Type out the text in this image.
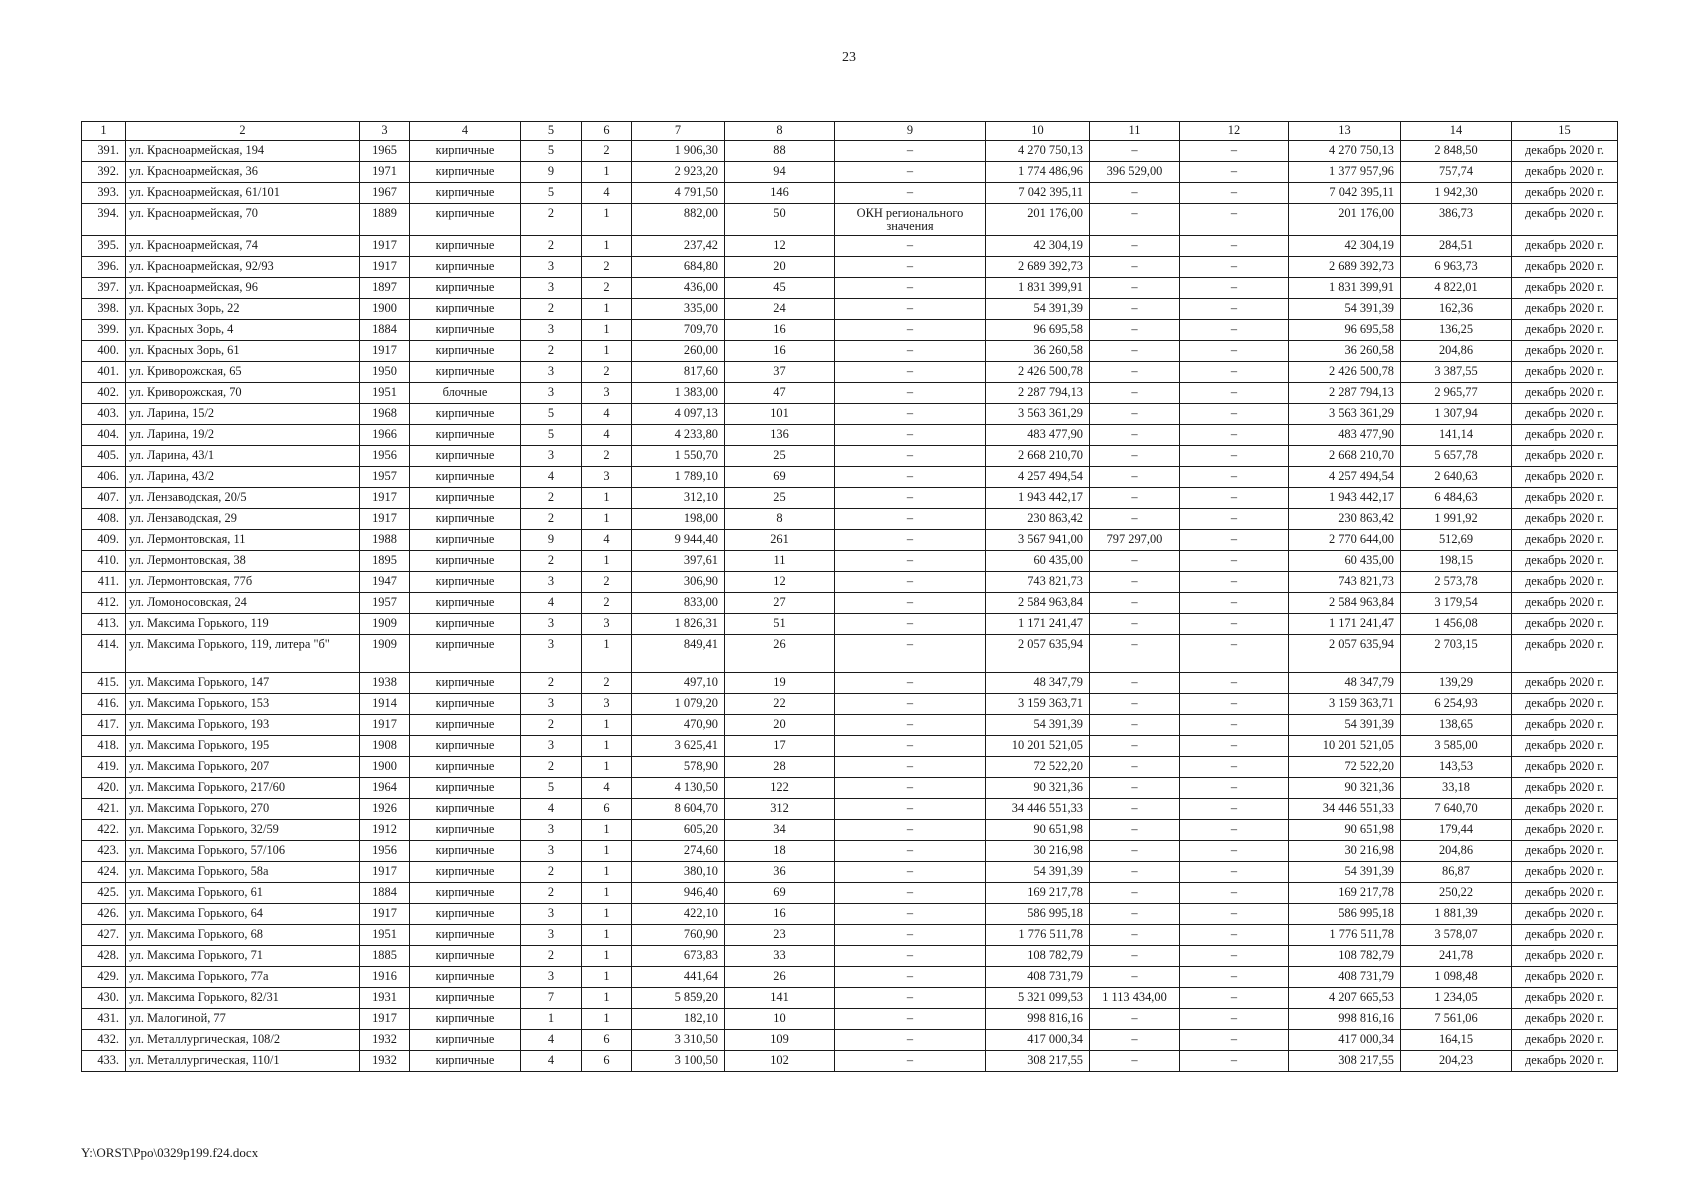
23
1	2	3	4	5	6	7	8	9	10	11	12	13	14	15
391.	ул. Красноармейская, 194	1965	кирпичные	5	2	1 906,30	88	–	4 270 750,13	–	–	4 270 750,13	2 848,50	декабрь 2020 г.
392.	ул. Красноармейская, 36	1971	кирпичные	9	1	2 923,20	94	–	1 774 486,96	396 529,00	–	1 377 957,96	757,74	декабрь 2020 г.
393.	ул. Красноармейская, 61/101	1967	кирпичные	5	4	4 791,50	146	–	7 042 395,11	–	–	7 042 395,11	1 942,30	декабрь 2020 г.
394.	ул. Красноармейская, 70	1889	кирпичные	2	1	882,00	50	ОКН регионального значения	201 176,00	–	–	201 176,00	386,73	декабрь 2020 г.
395.	ул. Красноармейская, 74	1917	кирпичные	2	1	237,42	12	–	42 304,19	–	–	42 304,19	284,51	декабрь 2020 г.
396.	ул. Красноармейская, 92/93	1917	кирпичные	3	2	684,80	20	–	2 689 392,73	–	–	2 689 392,73	6 963,73	декабрь 2020 г.
397.	ул. Красноармейская, 96	1897	кирпичные	3	2	436,00	45	–	1 831 399,91	–	–	1 831 399,91	4 822,01	декабрь 2020 г.
398.	ул. Красных Зорь, 22	1900	кирпичные	2	1	335,00	24	–	54 391,39	–	–	54 391,39	162,36	декабрь 2020 г.
399.	ул. Красных Зорь, 4	1884	кирпичные	3	1	709,70	16	–	96 695,58	–	–	96 695,58	136,25	декабрь 2020 г.
400.	ул. Красных Зорь, 61	1917	кирпичные	2	1	260,00	16	–	36 260,58	–	–	36 260,58	204,86	декабрь 2020 г.
401.	ул. Криворожская, 65	1950	кирпичные	3	2	817,60	37	–	2 426 500,78	–	–	2 426 500,78	3 387,55	декабрь 2020 г.
402.	ул. Криворожская, 70	1951	блочные	3	3	1 383,00	47	–	2 287 794,13	–	–	2 287 794,13	2 965,77	декабрь 2020 г.
403.	ул. Ларина, 15/2	1968	кирпичные	5	4	4 097,13	101	–	3 563 361,29	–	–	3 563 361,29	1 307,94	декабрь 2020 г.
404.	ул. Ларина, 19/2	1966	кирпичные	5	4	4 233,80	136	–	483 477,90	–	–	483 477,90	141,14	декабрь 2020 г.
405.	ул. Ларина, 43/1	1956	кирпичные	3	2	1 550,70	25	–	2 668 210,70	–	–	2 668 210,70	5 657,78	декабрь 2020 г.
406.	ул. Ларина, 43/2	1957	кирпичные	4	3	1 789,10	69	–	4 257 494,54	–	–	4 257 494,54	2 640,63	декабрь 2020 г.
407.	ул. Лензаводская, 20/5	1917	кирпичные	2	1	312,10	25	–	1 943 442,17	–	–	1 943 442,17	6 484,63	декабрь 2020 г.
408.	ул. Лензаводская, 29	1917	кирпичные	2	1	198,00	8	–	230 863,42	–	–	230 863,42	1 991,92	декабрь 2020 г.
409.	ул. Лермонтовская, 11	1988	кирпичные	9	4	9 944,40	261	–	3 567 941,00	797 297,00	–	2 770 644,00	512,69	декабрь 2020 г.
410.	ул. Лермонтовская, 38	1895	кирпичные	2	1	397,61	11	–	60 435,00	–	–	60 435,00	198,15	декабрь 2020 г.
411.	ул. Лермонтовская, 77б	1947	кирпичные	3	2	306,90	12	–	743 821,73	–	–	743 821,73	2 573,78	декабрь 2020 г.
412.	ул. Ломоносовская, 24	1957	кирпичные	4	2	833,00	27	–	2 584 963,84	–	–	2 584 963,84	3 179,54	декабрь 2020 г.
413.	ул. Максима Горького, 119	1909	кирпичные	3	3	1 826,31	51	–	1 171 241,47	–	–	1 171 241,47	1 456,08	декабрь 2020 г.
414.	ул. Максима Горького, 119, литера "б"	1909	кирпичные	3	1	849,41	26	–	2 057 635,94	–	–	2 057 635,94	2 703,15	декабрь 2020 г.
415.	ул. Максима Горького, 147	1938	кирпичные	2	2	497,10	19	–	48 347,79	–	–	48 347,79	139,29	декабрь 2020 г.
416.	ул. Максима Горького, 153	1914	кирпичные	3	3	1 079,20	22	–	3 159 363,71	–	–	3 159 363,71	6 254,93	декабрь 2020 г.
417.	ул. Максима Горького, 193	1917	кирпичные	2	1	470,90	20	–	54 391,39	–	–	54 391,39	138,65	декабрь 2020 г.
418.	ул. Максима Горького, 195	1908	кирпичные	3	1	3 625,41	17	–	10 201 521,05	–	–	10 201 521,05	3 585,00	декабрь 2020 г.
419.	ул. Максима Горького, 207	1900	кирпичные	2	1	578,90	28	–	72 522,20	–	–	72 522,20	143,53	декабрь 2020 г.
420.	ул. Максима Горького, 217/60	1964	кирпичные	5	4	4 130,50	122	–	90 321,36	–	–	90 321,36	33,18	декабрь 2020 г.
421.	ул. Максима Горького, 270	1926	кирпичные	4	6	8 604,70	312	–	34 446 551,33	–	–	34 446 551,33	7 640,70	декабрь 2020 г.
422.	ул. Максима Горького, 32/59	1912	кирпичные	3	1	605,20	34	–	90 651,98	–	–	90 651,98	179,44	декабрь 2020 г.
423.	ул. Максима Горького, 57/106	1956	кирпичные	3	1	274,60	18	–	30 216,98	–	–	30 216,98	204,86	декабрь 2020 г.
424.	ул. Максима Горького, 58а	1917	кирпичные	2	1	380,10	36	–	54 391,39	–	–	54 391,39	86,87	декабрь 2020 г.
425.	ул. Максима Горького, 61	1884	кирпичные	2	1	946,40	69	–	169 217,78	–	–	169 217,78	250,22	декабрь 2020 г.
426.	ул. Максима Горького, 64	1917	кирпичные	3	1	422,10	16	–	586 995,18	–	–	586 995,18	1 881,39	декабрь 2020 г.
427.	ул. Максима Горького, 68	1951	кирпичные	3	1	760,90	23	–	1 776 511,78	–	–	1 776 511,78	3 578,07	декабрь 2020 г.
428.	ул. Максима Горького, 71	1885	кирпичные	2	1	673,83	33	–	108 782,79	–	–	108 782,79	241,78	декабрь 2020 г.
429.	ул. Максима Горького, 77а	1916	кирпичные	3	1	441,64	26	–	408 731,79	–	–	408 731,79	1 098,48	декабрь 2020 г.
430.	ул. Максима Горького, 82/31	1931	кирпичные	7	1	5 859,20	141	–	5 321 099,53	1 113 434,00	–	4 207 665,53	1 234,05	декабрь 2020 г.
431.	ул. Малогиной, 77	1917	кирпичные	1	1	182,10	10	–	998 816,16	–	–	998 816,16	7 561,06	декабрь 2020 г.
432.	ул. Металлургическая, 108/2	1932	кирпичные	4	6	3 310,50	109	–	417 000,34	–	–	417 000,34	164,15	декабрь 2020 г.
433.	ул. Металлургическая, 110/1	1932	кирпичные	4	6	3 100,50	102	–	308 217,55	–	–	308 217,55	204,23	декабрь 2020 г.
Y:\ORST\Ppo\0329p199.f24.docx
